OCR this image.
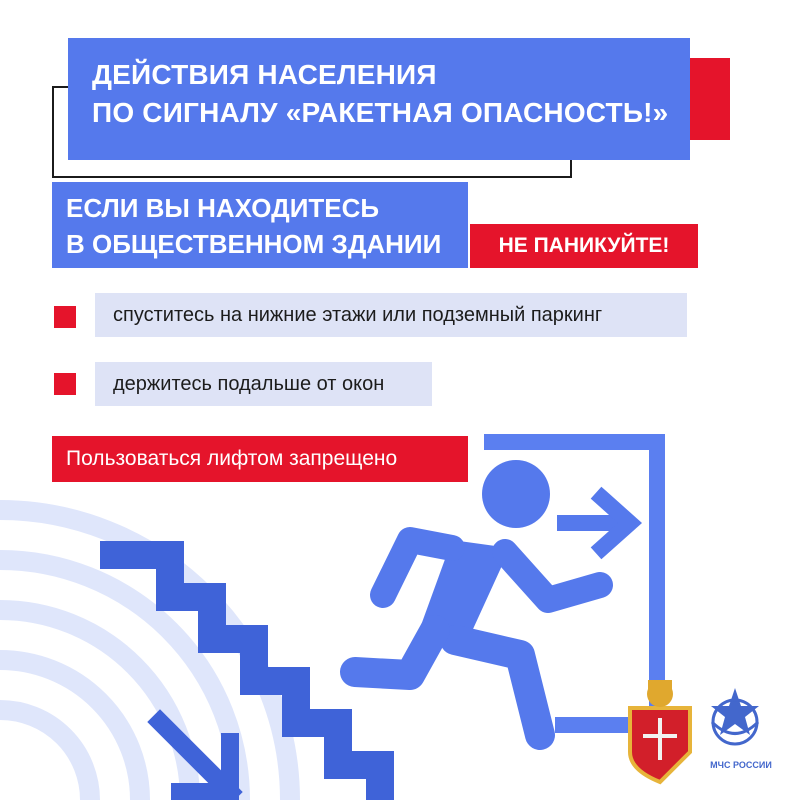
ДЕЙСТВИЯ НАСЕЛЕНИЯ
ПО СИГНАЛУ «РАКЕТНАЯ ОПАСНОСТЬ!»
ЕСЛИ ВЫ НАХОДИТЕСЬ
В ОБЩЕСТВЕННОМ ЗДАНИИ	НЕ ПАНИКУЙТЕ!
спуститесь на нижние этажи или подземный паркинг
держитесь подальше от окон
Пользоваться лифтом запрещено
МЧС РОССИИ
